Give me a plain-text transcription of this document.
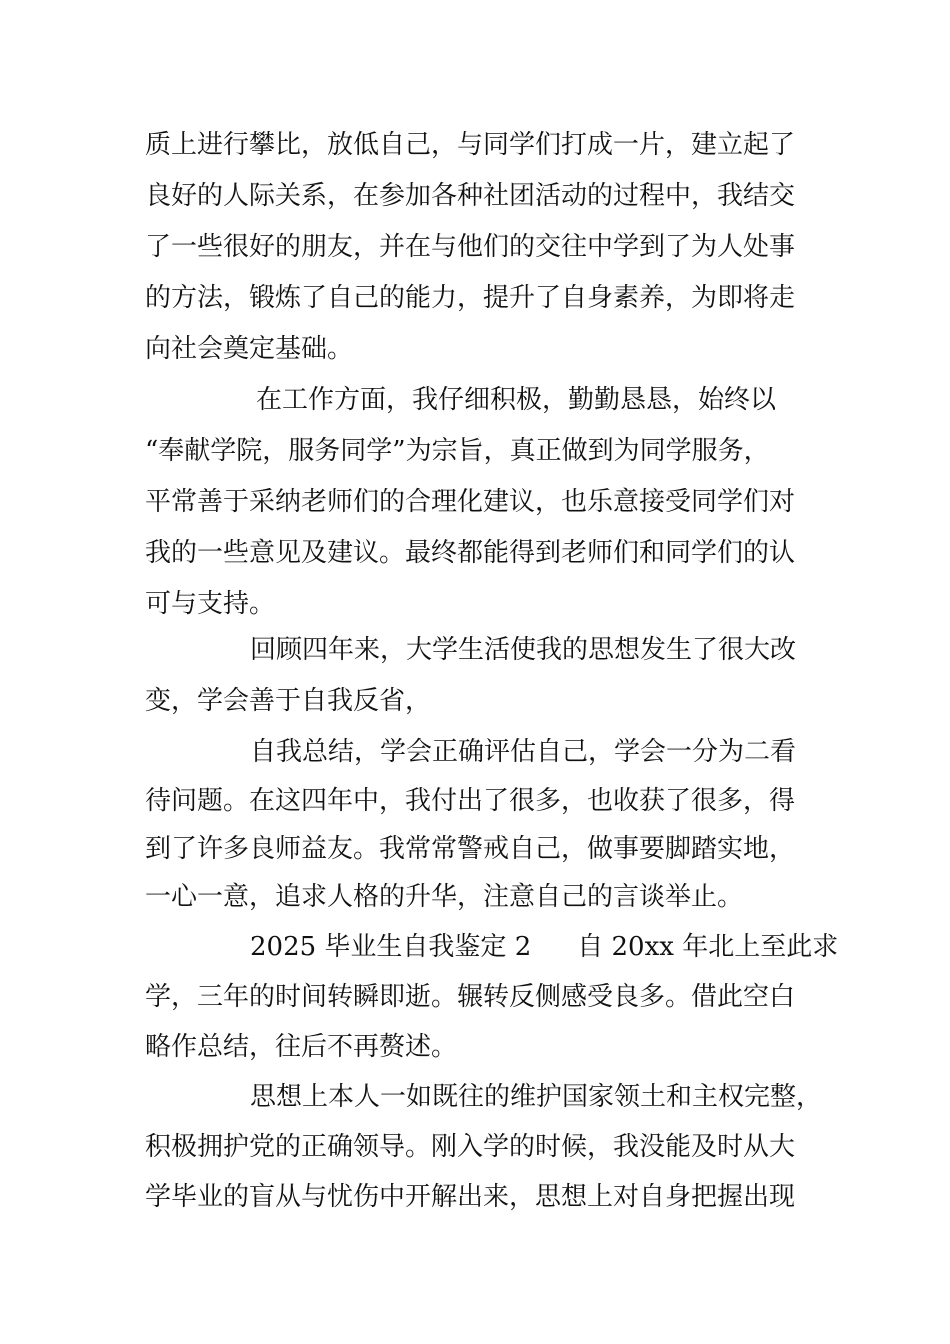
质上进行攀比，放低自己，与同学们打成一片，建立起了
良好的人际关系，在参加各种社团活动的过程中，我结交
了一些很好的朋友，并在与他们的交往中学到了为人处事
的方法，锻炼了自己的能力，提升了自身素养，为即将走
向社会奠定基础。
在工作方面，我仔细积极，勤勤恳恳，始终以
“奉献学院，服务同学”为宗旨，真正做到为同学服务，
平常善于采纳老师们的合理化建议，也乐意接受同学们对
我的一些意见及建议。最终都能得到老师们和同学们的认
可与支持。
回顾四年来，大学生活使我的思想发生了很大改
变，学会善于自我反省，
自我总结，学会正确评估自己，学会一分为二看
待问题。在这四年中，我付出了很多，也收获了很多，得
到了许多良师益友。我常常警戒自己，做事要脚踏实地，
一心一意，追求人格的升华，注意自己的言谈举止。
2025 毕业生自我鉴定 2 自 20xx 年北上至此求
学，三年的时间转瞬即逝。辗转反侧感受良多。借此空白
略作总结，往后不再赘述。
思想上本人一如既往的维护国家领土和主权完整，
积极拥护党的正确领导。刚入学的时候，我没能及时从大
学毕业的盲从与忧伤中开解出来，思想上对自身把握出现
